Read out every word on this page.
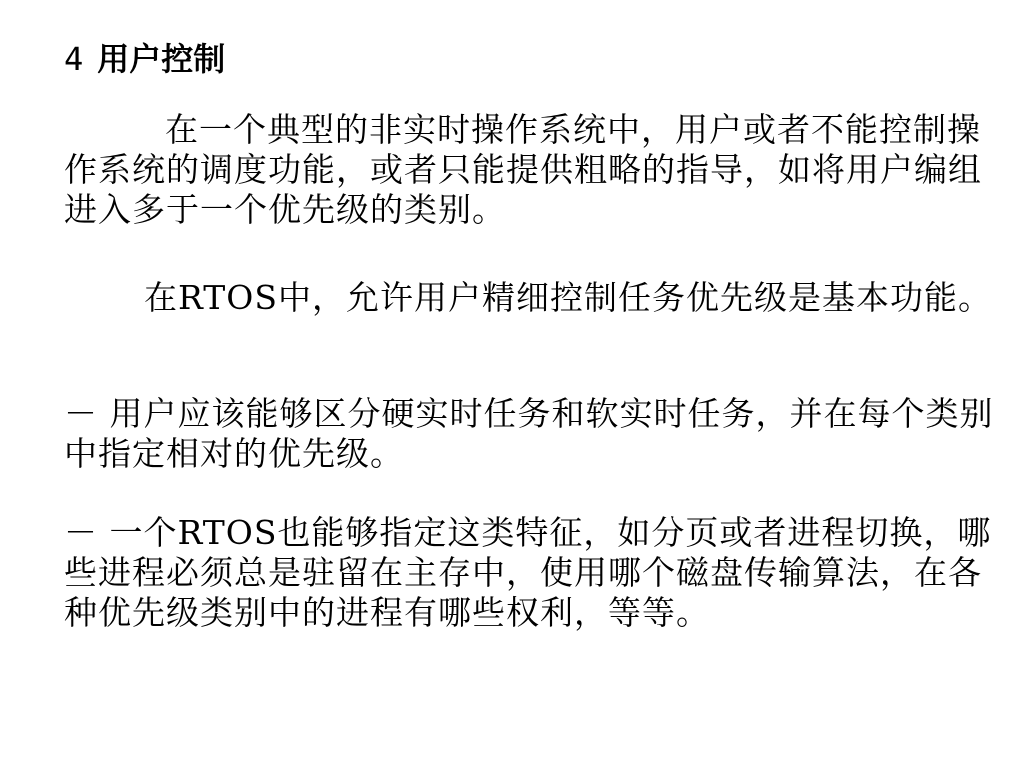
4 用户控制
在一个典型的非实时操作系统中，用户或者不能控制操作系统的调度功能，或者只能提供粗略的指导，如将用户编组进入多于一个优先级的类别。
在RTOS中，允许用户精细控制任务优先级是基本功能。
－ 用户应该能够区分硬实时任务和软实时任务，并在每个类别中指定相对的优先级。
－ 一个RTOS也能够指定这类特征，如分页或者进程切换，哪些进程必须总是驻留在主存中，使用哪个磁盘传输算法，在各种优先级类别中的进程有哪些权利，等等。
